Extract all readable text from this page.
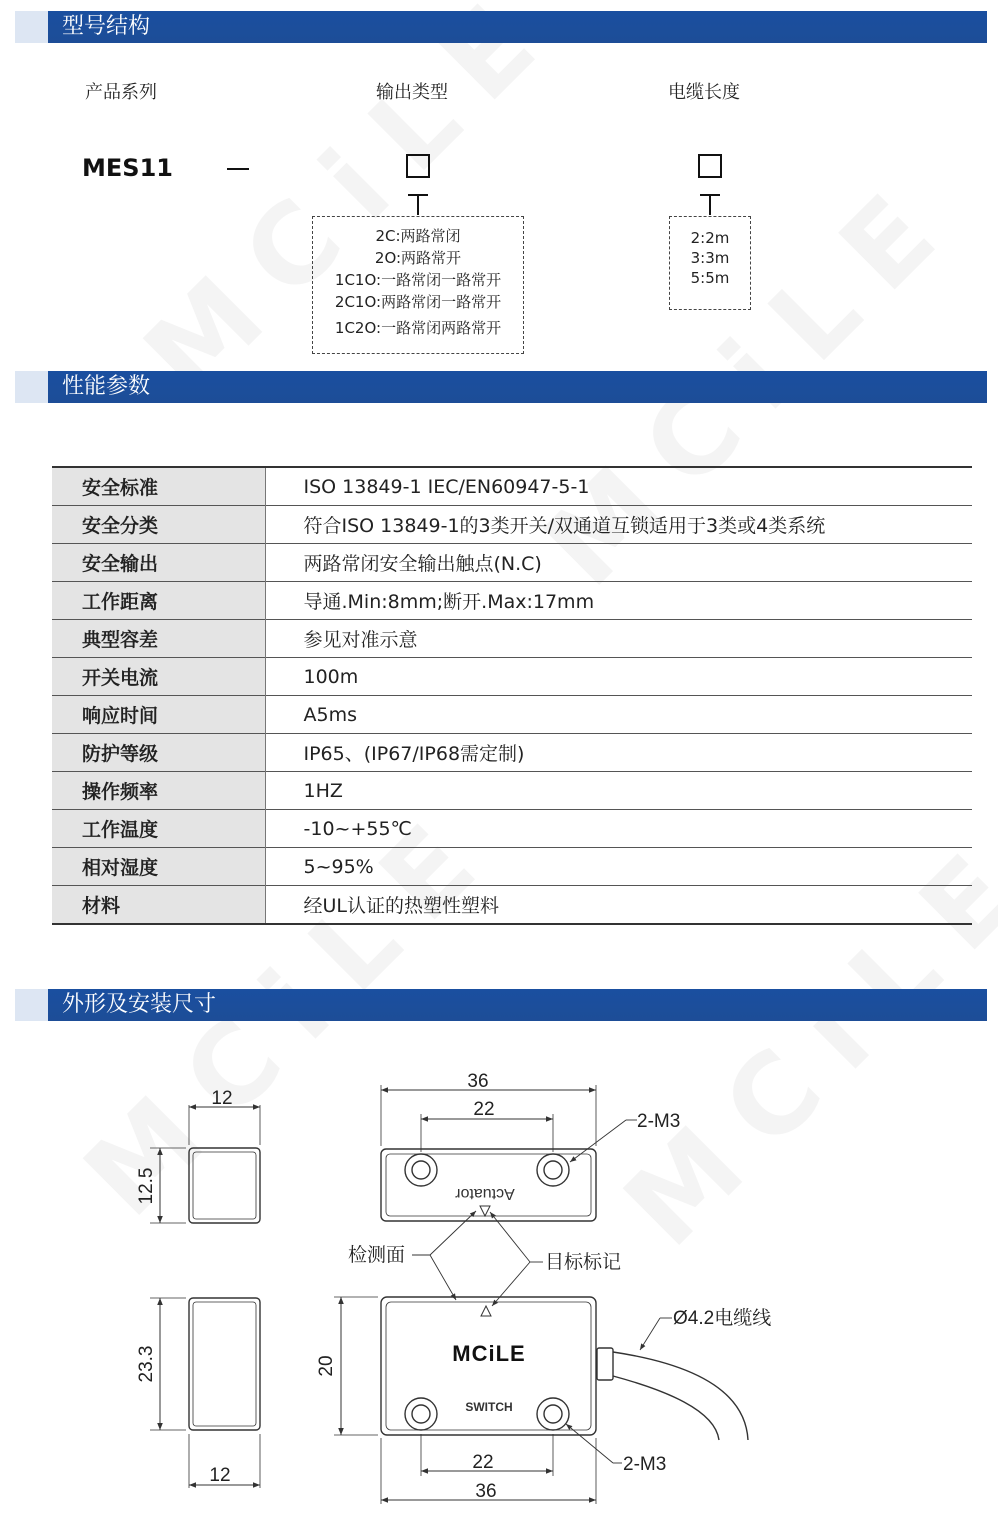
型号结构
产品系列	输出类型	电缆长度
MES11
2C:两路常闭
2O:两路常开
1C1O:一路常闭一路常开
2C1O:两路常闭一路常开
1C2O:一路常闭两路常开
2:2m
3:3m
5:5m
性能参数
安全标准	ISO 13849-1 IEC/EN60947-5-1
安全分类	符合ISO 13849-1的3类开关/双通道互锁适用于3类或4类系统
安全输出	两路常闭安全输出触点(N.C)
工作距离	导通.Min:8mm;断开.Max:17mm
典型容差	参见对准示意
开关电流	100m
响应时间	A5ms
防护等级	IP65、(IP67/IP68需定制)
操作频率	1HZ
工作温度	-10~+55℃
相对湿度	5~95%
材料	经UL认证的热塑性塑料
外形及安装尺寸
12
12.5
23.3
12
36
22
2-M3
Actuator
检测面	目标标记
MCiLE
SWITCH
20
22
36
2-M3
Ø4.2电缆线
